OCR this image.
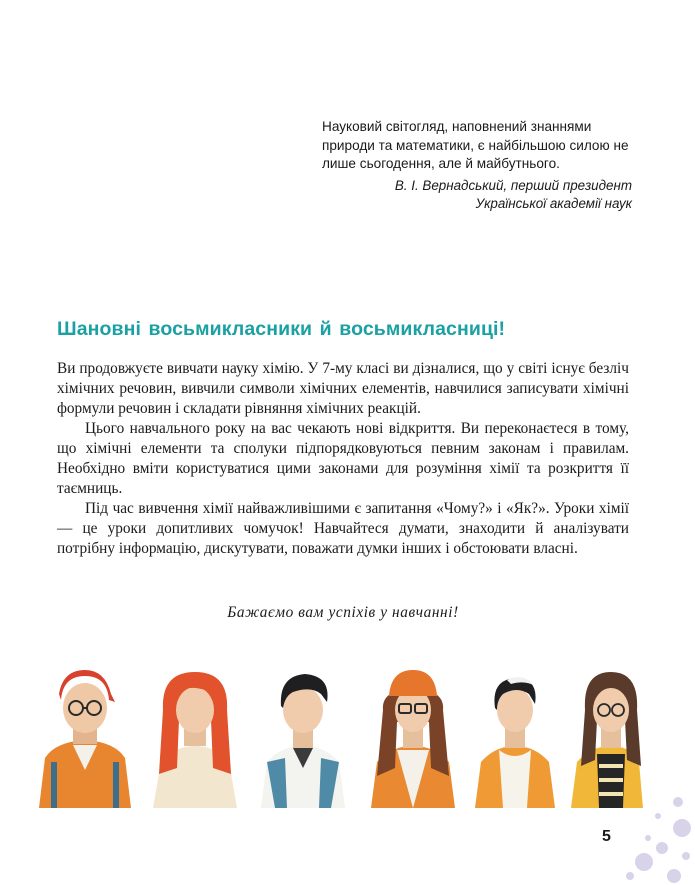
Науковий світогляд, наповнений знаннями природи та математики, є найбільшою силою не лише сьогодення, але й майбутнього.

В. І. Вернадський, перший президент
Української академії наук

Шановні восьмикласники й восьмикласниці!

Ви продовжуєте вивчати науку хімію. У 7-му класі ви дізналися, що у світі існує безліч хімічних речовин, вивчили символи хімічних елементів, навчилися записувати хімічні формули речовин і складати рівняння хімічних реакцій.

Цього навчального року на вас чекають нові відкриття. Ви переконаєтеся в тому, що хімічні елементи та сполуки підпорядковуються певним законам і правилам. Необхідно вміти користуватися цими законами для розуміння хімії та розкриття її таємниць.

Під час вивчення хімії найважливішими є запитання «Чому?» і «Як?». Уроки хімії — це уроки допитливих чомучок! Навчайтеся думати, знаходити й аналізувати потрібну інформацію, дискутувати, поважати думки інших і обстоювати власні.

Бажаємо вам успіхів у навчанні!

5
